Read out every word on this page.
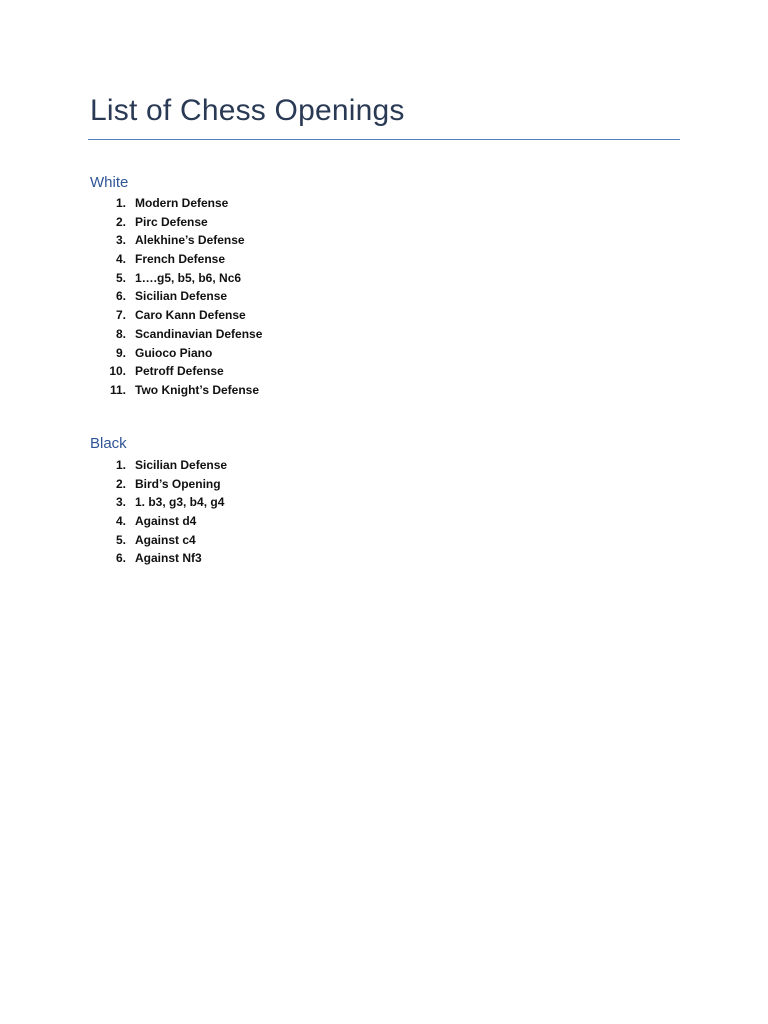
List of Chess Openings
White
1. Modern Defense
2. Pirc Defense
3. Alekhine’s Defense
4. French Defense
5. 1….g5, b5, b6, Nc6
6. Sicilian Defense
7. Caro Kann Defense
8. Scandinavian Defense
9. Guioco Piano
10. Petroff Defense
11. Two Knight’s Defense
Black
1. Sicilian Defense
2. Bird’s Opening
3. 1. b3, g3, b4, g4
4. Against d4
5. Against c4
6. Against Nf3
